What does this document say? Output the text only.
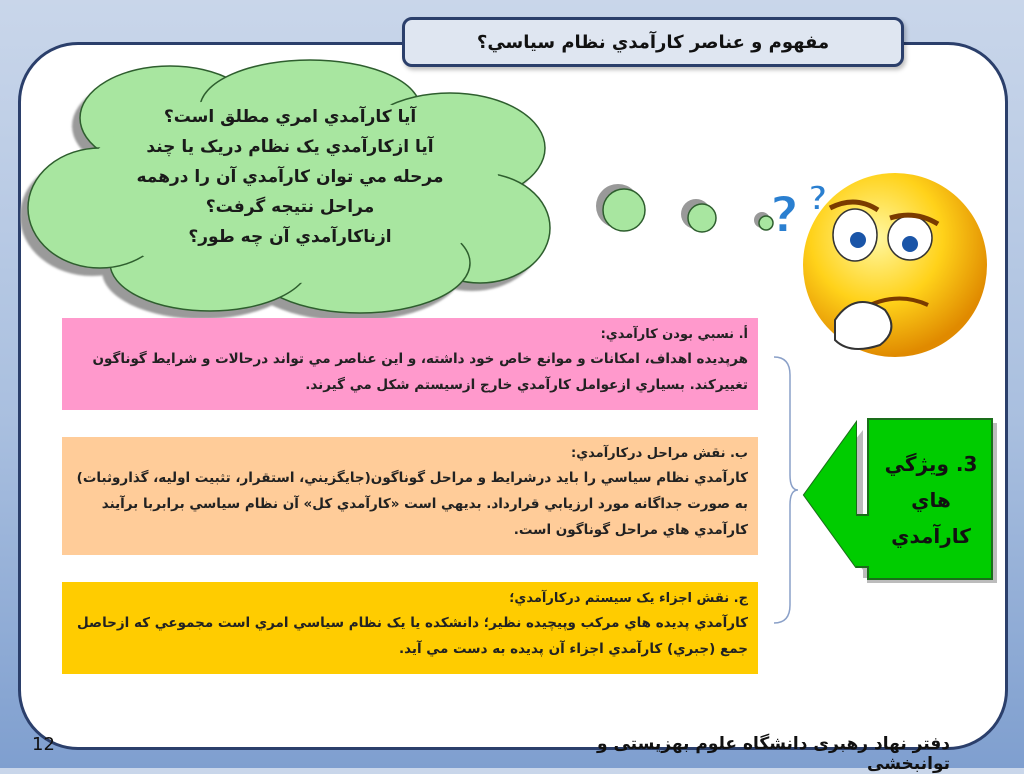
مفهوم و عناصر کارآمدي نظام سياسي؟
آيا کارآمدي امري مطلق است؟
آيا ازکارآمدي يک نظام دريک يا چند
مرحله مي توان کارآمدي آن را درهمه
مراحل نتيجه گرفت؟
ازناکارآمدي آن چه طور؟	? ?
أ. نسبي بودن کارآمدي:
هرپديده اهداف، امکانات و موانع خاص خود داشته، و اين عناصر مي تواند درحالات و شرايط گوناگون تغييرکند. بسياري ازعوامل کارآمدي خارج ازسيستم شکل مي گيرند.
ب. نقش مراحل درکارآمدي:
کارآمدي نظام سياسي را بايد درشرايط و مراحل گوناگون(جايگزيني، استقرار، تثبيت اوليه، گذاروثبات) به صورت جداگانه مورد ارزيابي قرارداد. بديهي است «کارآمدي کل» آن نظام سياسي برابربا برآيند کارآمدي هاي مراحل گوناگون است.
ج. نقش اجزاء يک سيستم درکارآمدي؛
کارآمدي پديده هاي مرکب وپيچيده نظير؛ دانشکده يا يک نظام سياسي امري است مجموعي که ازحاصل جمع (جبري) کارآمدي اجزاء آن پديده به دست مي آيد.
3. ويژگي هاي کارآمدي
دفتر نهاد رهبری دانشگاه علوم بهزیستی و توانبخشی
12
